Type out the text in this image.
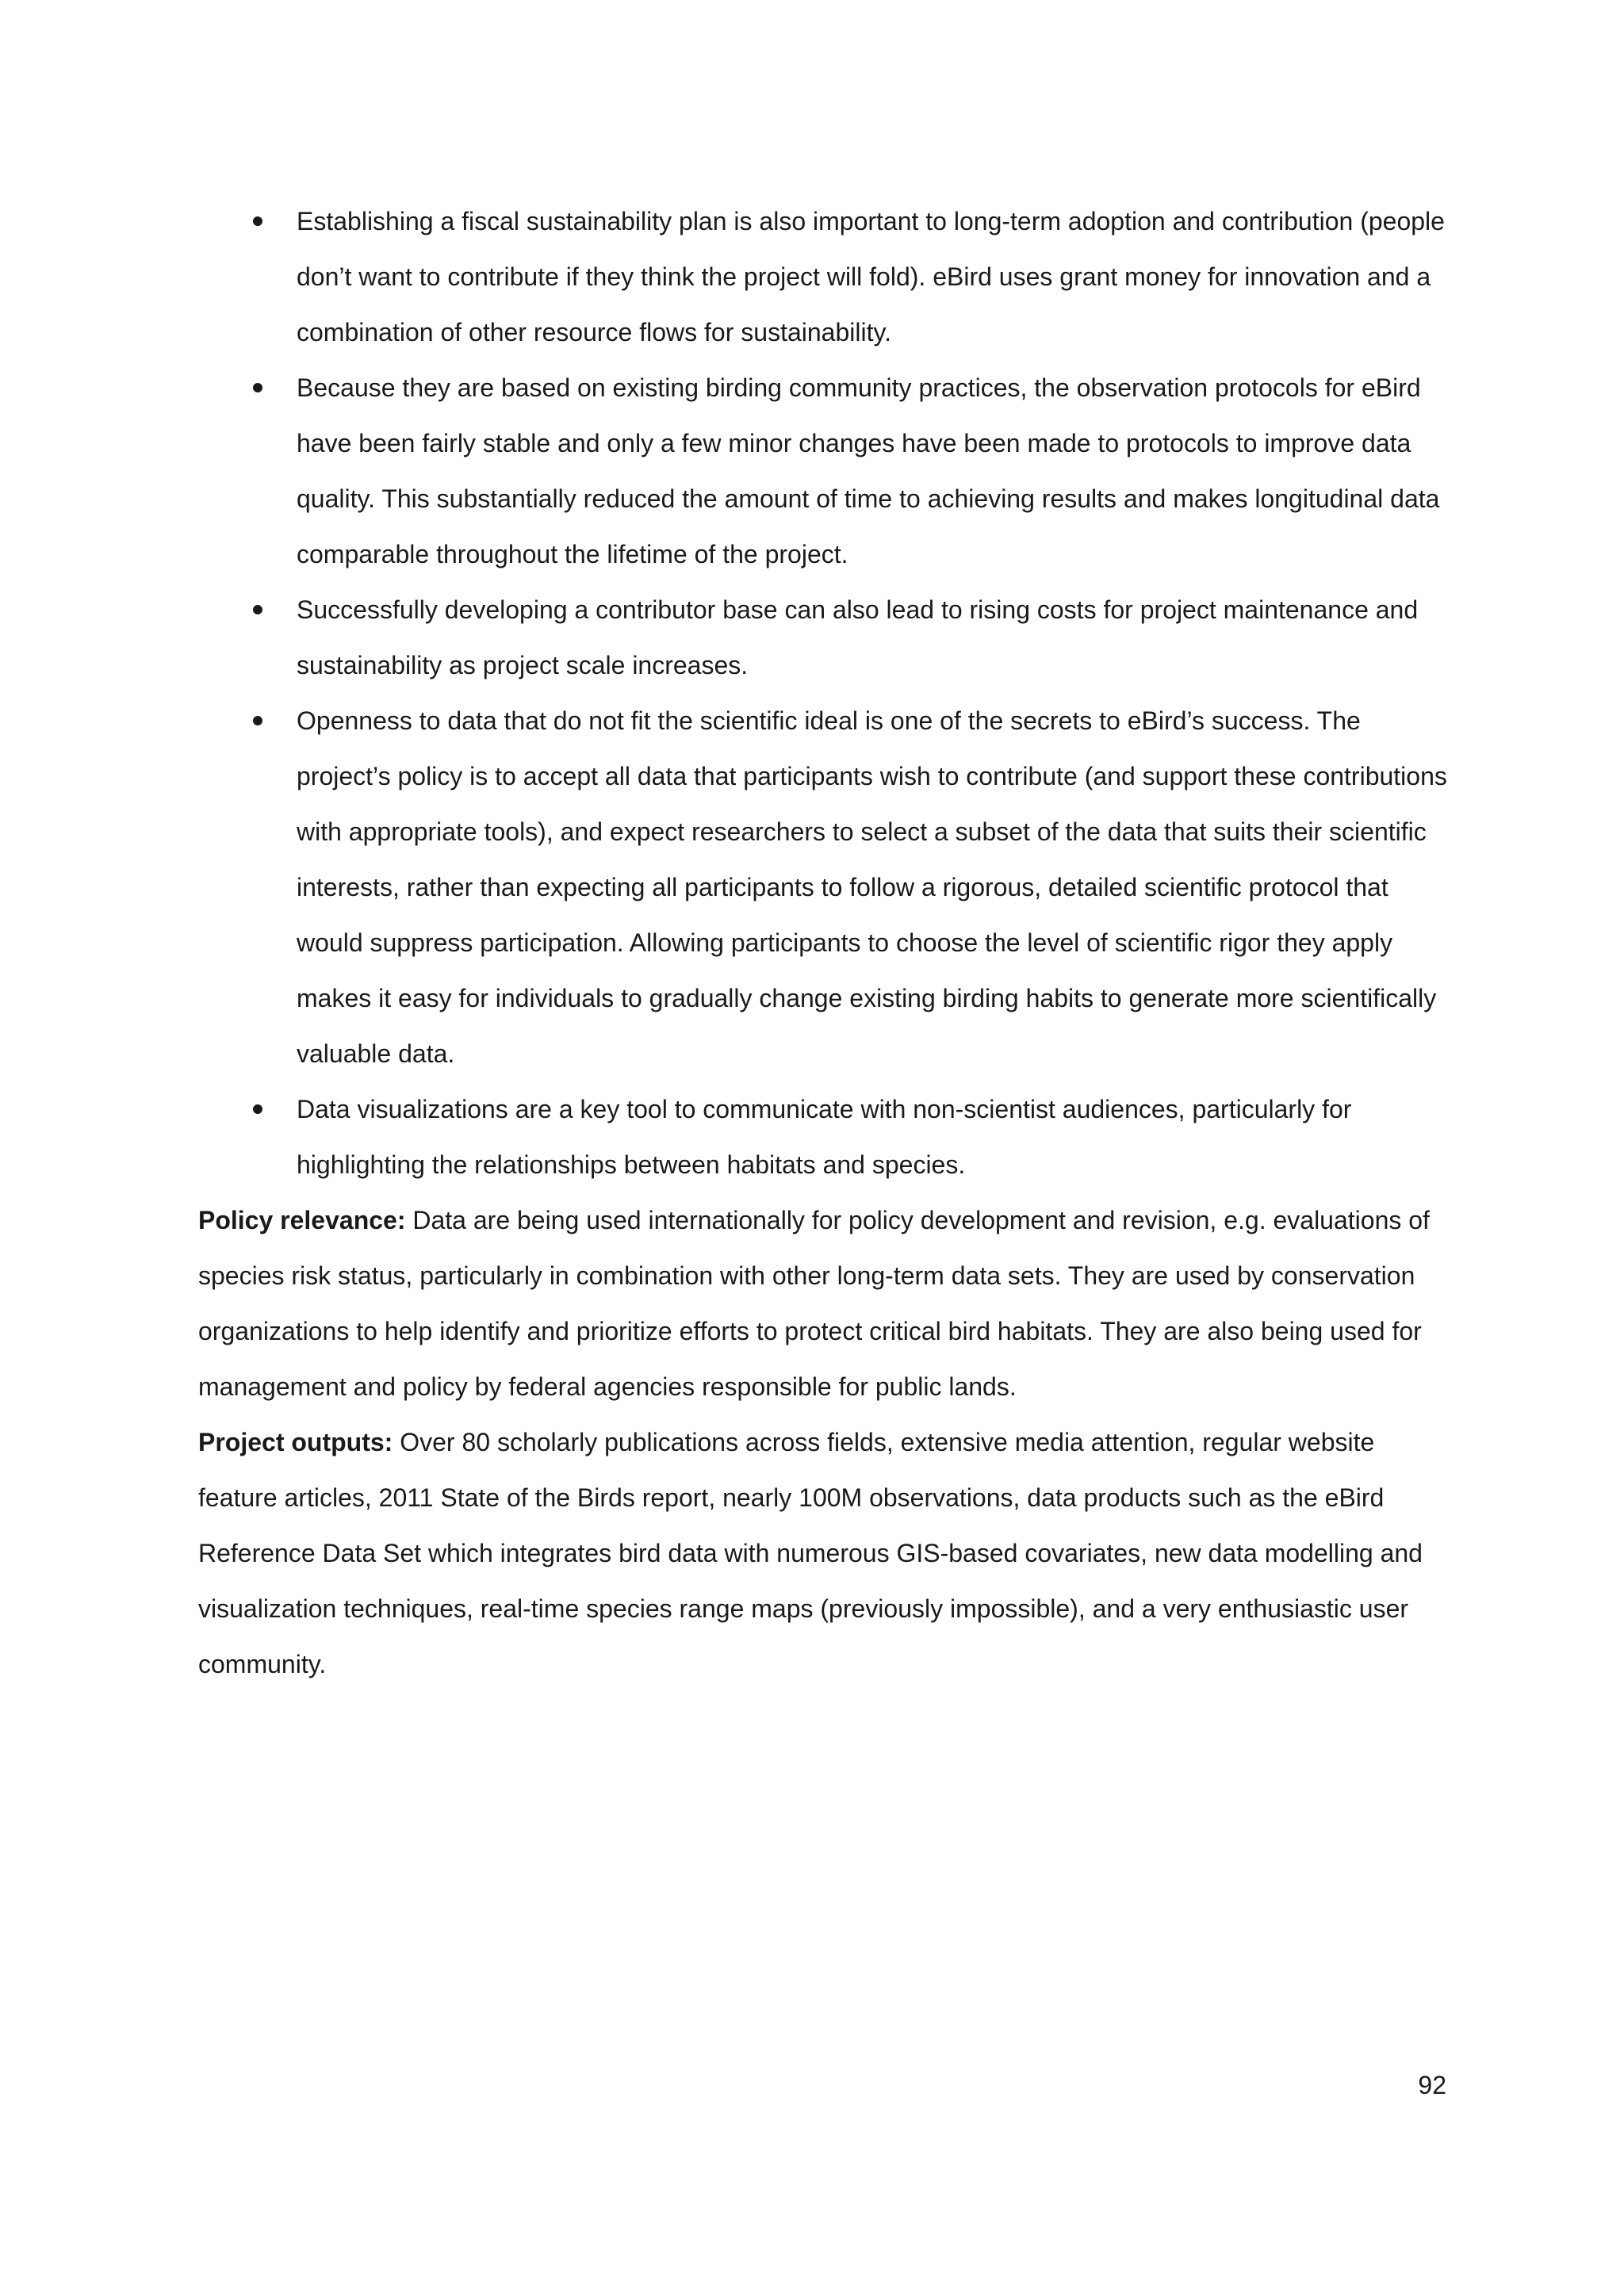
Establishing a fiscal sustainability plan is also important to long-term adoption and contribution (people don’t want to contribute if they think the project will fold). eBird uses grant money for innovation and a combination of other resource flows for sustainability.
Because they are based on existing birding community practices, the observation protocols for eBird have been fairly stable and only a few minor changes have been made to protocols to improve data quality. This substantially reduced the amount of time to achieving results and makes longitudinal data comparable throughout the lifetime of the project.
Successfully developing a contributor base can also lead to rising costs for project maintenance and sustainability as project scale increases.
Openness to data that do not fit the scientific ideal is one of the secrets to eBird’s success. The project’s policy is to accept all data that participants wish to contribute (and support these contributions with appropriate tools), and expect researchers to select a subset of the data that suits their scientific interests, rather than expecting all participants to follow a rigorous, detailed scientific protocol that would suppress participation. Allowing participants to choose the level of scientific rigor they apply makes it easy for individuals to gradually change existing birding habits to generate more scientifically valuable data.
Data visualizations are a key tool to communicate with non-scientist audiences, particularly for highlighting the relationships between habitats and species.

Policy relevance: Data are being used internationally for policy development and revision, e.g. evaluations of species risk status, particularly in combination with other long-term data sets. They are used by conservation organizations to help identify and prioritize efforts to protect critical bird habitats. They are also being used for management and policy by federal agencies responsible for public lands.

Project outputs: Over 80 scholarly publications across fields, extensive media attention, regular website feature articles, 2011 State of the Birds report, nearly 100M observations, data products such as the eBird Reference Data Set which integrates bird data with numerous GIS-based covariates, new data modelling and visualization techniques, real-time species range maps (previously impossible), and a very enthusiastic user community.

92
